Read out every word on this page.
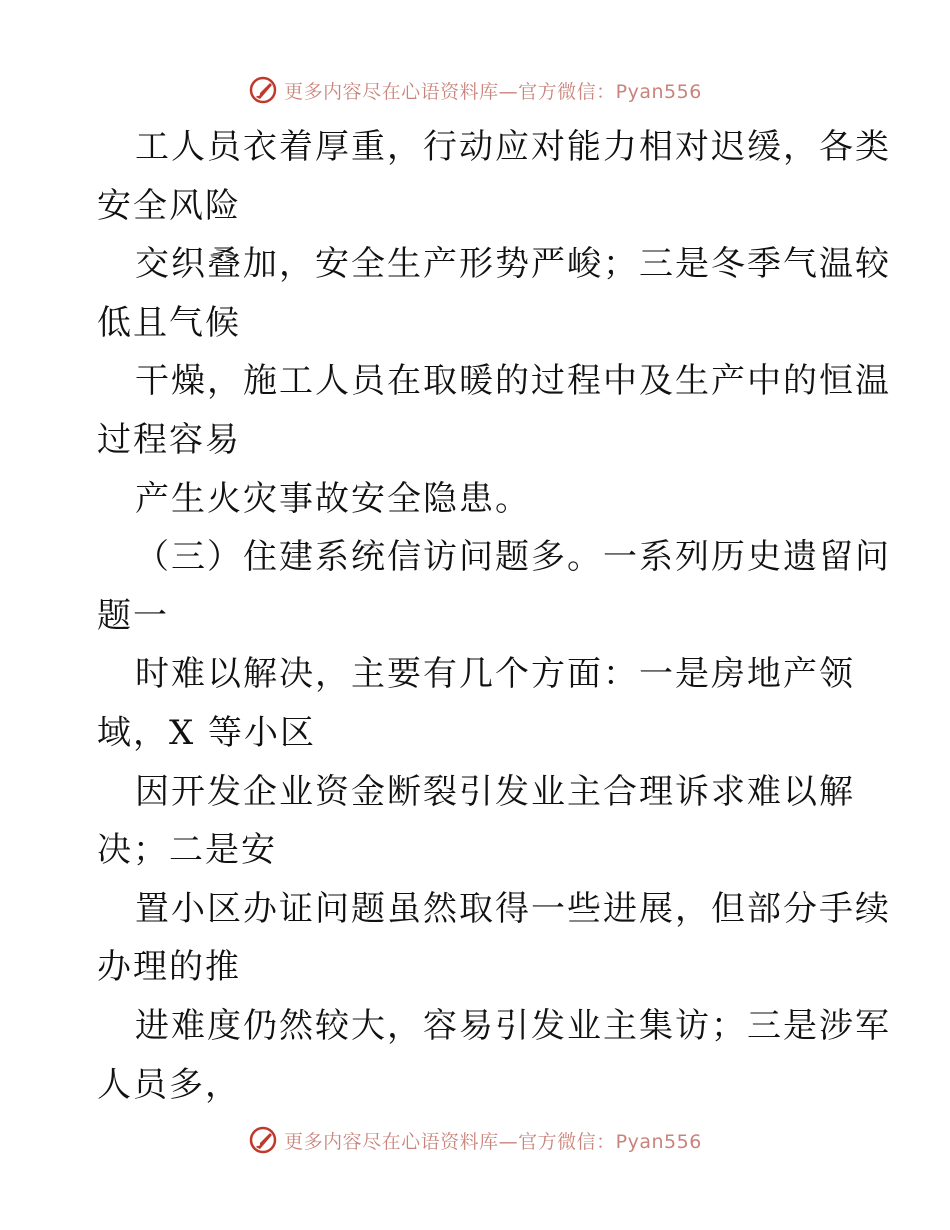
更多内容尽在心语资料库—官方微信：Pyan556
工人员衣着厚重，行动应对能力相对迟缓，各类
安全风险
交织叠加，安全生产形势严峻；三是冬季气温较
低且气候
干燥，施工人员在取暖的过程中及生产中的恒温
过程容易
产生火灾事故安全隐患。
（三）住建系统信访问题多。一系列历史遗留问
题一
时难以解决，主要有几个方面：一是房地产领
域，X 等小区
因开发企业资金断裂引发业主合理诉求难以解
决；二是安
置小区办证问题虽然取得一些进展，但部分手续
办理的推
进难度仍然较大，容易引发业主集访；三是涉军
人员多，
更多内容尽在心语资料库—官方微信：Pyan556
